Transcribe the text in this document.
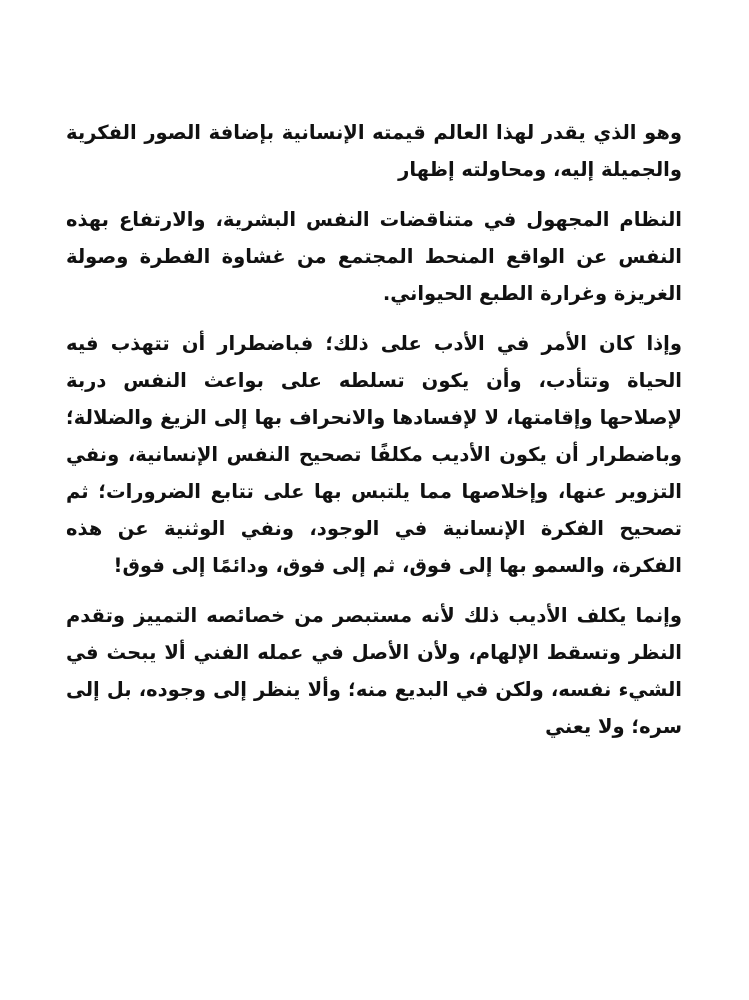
وهو الذي يقدر لهذا العالم قيمته الإنسانية بإضافة الصور الفكرية والجميلة إليه، ومحاولته إظهار

النظام المجهول في متناقضات النفس البشرية، والارتفاع بهذه النفس عن الواقع المنحط المجتمع من غشاوة الفطرة وصولة الغريزة وغرارة الطبع الحيواني.

وإذا كان الأمر في الأدب على ذلك؛ فباضطرار أن تتهذب فيه الحياة وتتأدب، وأن يكون تسلطه على بواعث النفس دربة لإصلاحها وإقامتها، لا لإفسادها والانحراف بها إلى الزيغ والضلالة؛ وباضطرار أن يكون الأديب مكلفًا تصحيح النفس الإنسانية، ونفي التزوير عنها، وإخلاصها مما يلتبس بها على تتابع الضرورات؛ ثم تصحيح الفكرة الإنسانية في الوجود، ونفي الوثنية عن هذه الفكرة، والسمو بها إلى فوق، ثم إلى فوق، ودائمًا إلى فوق!

وإنما يكلف الأديب ذلك لأنه مستبصر من خصائصه التمييز وتقدم النظر وتسقط الإلهام، ولأن الأصل في عمله الفني ألا يبحث في الشيء نفسه، ولكن في البديع منه؛ وألا ينظر إلى وجوده، بل إلى سره؛ ولا يعني
